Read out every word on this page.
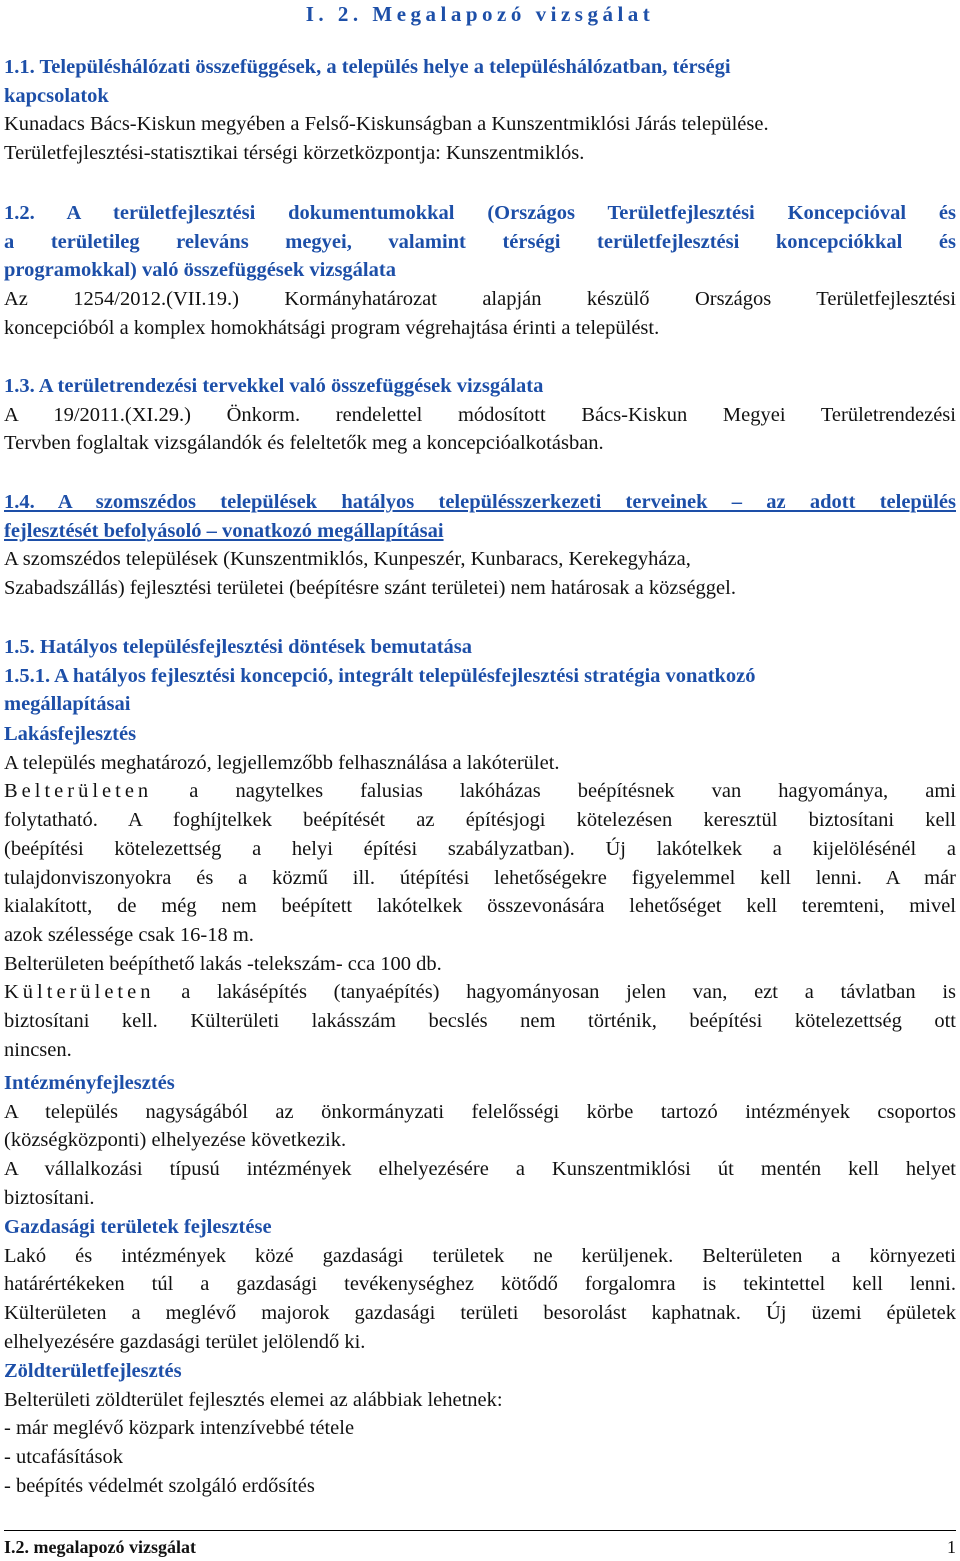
I. 2. Megalapozó vizsgálat
1.1. Településhálózati összefüggések, a település helye a településhálózatban, térségi
kapcsolatok
Kunadacs Bács-Kiskun megyében a Felső-Kiskunságban a Kunszentmiklósi Járás települése.
Területfejlesztési-statisztikai térségi körzetközpontja: Kunszentmiklós.
1.2. A területfejlesztési dokumentumokkal (Országos Területfejlesztési Koncepcióval és
a területileg releváns megyei, valamint térségi területfejlesztési koncepciókkal és
programokkal) való összefüggések vizsgálata
Az 1254/2012.(VII.19.) Kormányhatározat alapján készülő Országos Területfejlesztési
koncepcióból a komplex homokhátsági program végrehajtása érinti a települést.
1.3. A területrendezési tervekkel való összefüggések vizsgálata
A 19/2011.(XI.29.) Önkorm. rendelettel módosított Bács-Kiskun Megyei Területrendezési
Tervben foglaltak vizsgálandók és feleltetők meg a koncepcióalkotásban.
1.4. A szomszédos települések hatályos településszerkezeti terveinek – az adott település
fejlesztését befolyásoló – vonatkozó megállapításai
A szomszédos települések (Kunszentmiklós, Kunpeszér, Kunbaracs, Kerekegyháza,
Szabadszállás) fejlesztési területei (beépítésre szánt területei) nem határosak a községgel.
1.5. Hatályos településfejlesztési döntések bemutatása
1.5.1. A hatályos fejlesztési koncepció, integrált településfejlesztési stratégia vonatkozó
megállapításai
Lakásfejlesztés
A település meghatározó, legjellemzőbb felhasználása a lakóterület.
Belterületen a nagytelkes falusias lakóházas beépítésnek van hagyománya, ami
folytatható. A foghíjtelkek beépítését az építésjogi kötelezésen keresztül biztosítani kell
(beépítési kötelezettség a helyi építési szabályzatban). Új lakótelkek a kijelölésénél a
tulajdonviszonyokra és a közmű ill. útépítési lehetőségekre figyelemmel kell lenni. A már
kialakított, de még nem beépített lakótelkek összevonására lehetőséget kell teremteni, mivel
azok szélessége csak 16-18 m.
Belterületen beépíthető lakás -telekszám- cca 100 db.
Külterületen a lakásépítés (tanyaépítés) hagyományosan jelen van, ezt a távlatban is
biztosítani kell. Külterületi lakásszám becslés nem történik, beépítési kötelezettség ott
nincsen.
Intézményfejlesztés
A település nagyságából az önkormányzati felelősségi körbe tartozó intézmények csoportos
(községközponti) elhelyezése következik.
A vállalkozási típusú intézmények elhelyezésére a Kunszentmiklósi út mentén kell helyet
biztosítani.
Gazdasági területek fejlesztése
Lakó és intézmények közé gazdasági területek ne kerüljenek. Belterületen a környezeti
határértékeken túl a gazdasági tevékenységhez kötődő forgalomra is tekintettel kell lenni.
Külterületen a meglévő majorok gazdasági területi besorolást kaphatnak. Új üzemi épületek
elhelyezésére gazdasági terület jelölendő ki.
Zöldterületfejlesztés
Belterületi zöldterület fejlesztés elemei az alábbiak lehetnek:
- már meglévő közpark intenzívebbé tétele
- utcafásítások
- beépítés védelmét szolgáló erdősítés
I.2. megalapozó vizsgálat	1
